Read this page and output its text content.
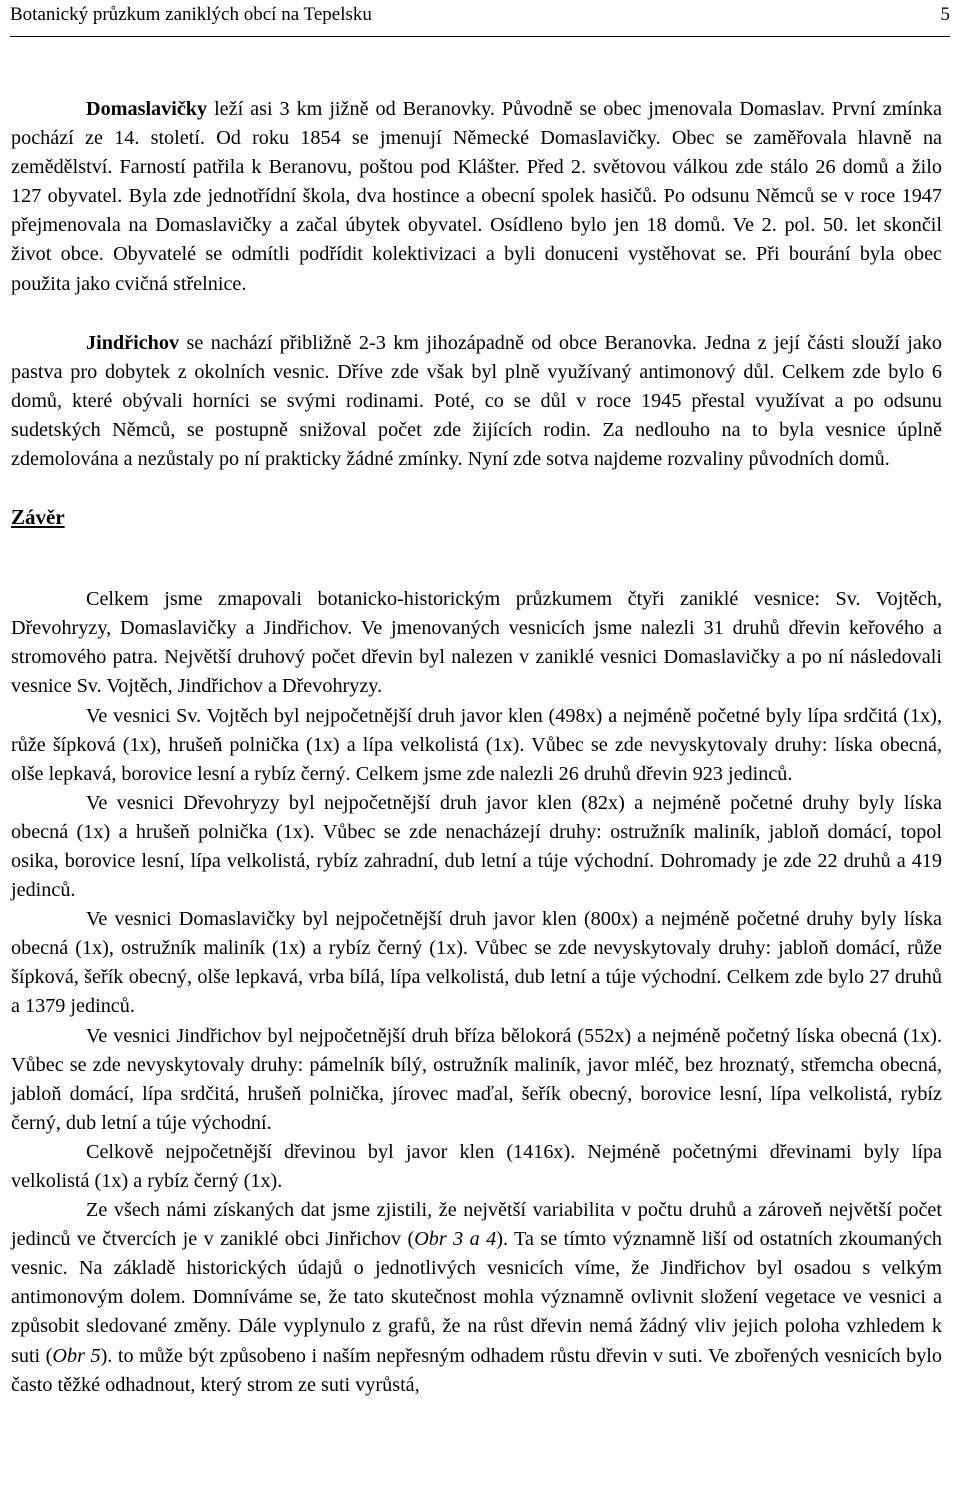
Botanický průzkum zaniklých obcí na Tepelsku	5

Domaslavičky leží asi 3 km jižně od Beranovky. Původně se obec jmenovala Domaslav. První zmínka pochází ze 14. století. Od roku 1854 se jmenují Německé Domaslavičky. Obec se zaměřovala hlavně na zemědělství. Farností patřila k Beranovu, poštou pod Klášter. Před 2. světovou válkou zde stálo 26 domů a žilo 127 obyvatel. Byla zde jednotřídní škola, dva hostince a obecní spolek hasičů. Po odsunu Němců se v roce 1947 přejmenovala na Domaslavičky a začal úbytek obyvatel. Osídleno bylo jen 18 domů. Ve 2. pol. 50. let skončil život obce. Obyvatelé se odmítli podřídit kolektivizaci a byli donuceni vystěhovat se. Při bourání byla obec použita jako cvičná střelnice.

Jindřichov se nachází přibližně 2-3 km jihozápadně od obce Beranovka. Jedna z její části slouží jako pastva pro dobytek z okolních vesnic. Dříve zde však byl plně využívaný antimonový důl. Celkem zde bylo 6 domů, které obývali horníci se svými rodinami. Poté, co se důl v roce 1945 přestal využívat a po odsunu sudetských Němců, se postupně snižoval počet zde žijících rodin. Za nedlouho na to byla vesnice úplně zdemolována a nezůstaly po ní prakticky žádné zmínky. Nyní zde sotva najdeme rozvaliny původních domů.

Závěr

Celkem jsme zmapovali botanicko-historickým průzkumem čtyři zaniklé vesnice: Sv. Vojtěch, Dřevohryzy, Domaslavičky a Jindřichov. Ve jmenovaných vesnicích jsme nalezli 31 druhů dřevin keřového a stromového patra. Největší druhový počet dřevin byl nalezen v zaniklé vesnici Domaslavičky a po ní následovali vesnice Sv. Vojtěch, Jindřichov a Dřevohryzy.

Ve vesnici Sv. Vojtěch byl nejpočetnější druh javor klen (498x) a nejméně početné byly lípa srdčitá (1x), růže šípková (1x), hrušeň polnička (1x) a lípa velkolistá (1x). Vůbec se zde nevyskytovaly druhy: líska obecná, olše lepkavá, borovice lesní a rybíz černý. Celkem jsme zde nalezli 26 druhů dřevin 923 jedinců.

Ve vesnici Dřevohryzy byl nejpočetnější druh javor klen (82x) a nejméně početné druhy byly líska obecná (1x) a hrušeň polnička (1x). Vůbec se zde nenacházejí druhy: ostružník maliník, jabloň domácí, topol osika, borovice lesní, lípa velkolistá, rybíz zahradní, dub letní a túje východní. Dohromady je zde 22 druhů a 419 jedinců.

Ve vesnici Domaslavičky byl nejpočetnější druh javor klen (800x) a nejméně početné druhy byly líska obecná (1x), ostružník maliník (1x) a rybíz černý (1x). Vůbec se zde nevyskytovaly druhy: jabloň domácí, růže šípková, šeřík obecný, olše lepkavá, vrba bílá, lípa velkolistá, dub letní a túje východní. Celkem zde bylo 27 druhů a 1379 jedinců.

Ve vesnici Jindřichov byl nejpočetnější druh bříza bělokorá (552x) a nejméně početný líska obecná (1x). Vůbec se zde nevyskytovaly druhy: pámelník bílý, ostružník maliník, javor mléč, bez hroznatý, střemcha obecná, jabloň domácí, lípa srdčitá, hrušeň polnička, jírovec maďal, šeřík obecný, borovice lesní, lípa velkolistá, rybíz černý, dub letní a túje východní.

Celkově nejpočetnější dřevinou byl javor klen (1416x). Nejméně početnými dřevinami byly lípa velkolistá (1x) a rybíz černý (1x).

Ze všech námi získaných dat jsme zjistili, že největší variabilita v počtu druhů a zároveň největší počet jedinců ve čtvercích je v zaniklé obci Jinřichov (Obr 3 a 4). Ta se tímto významně liší od ostatních zkoumaných vesnic. Na základě historických údajů o jednotlivých vesnicích víme, že Jindřichov byl osadou s velkým antimonovým dolem. Domníváme se, že tato skutečnost mohla významně ovlivnit složení vegetace ve vesnici a způsobit sledované změny. Dále vyplynulo z grafů, že na růst dřevin nemá žádný vliv jejich poloha vzhledem k suti (Obr 5). to může být způsobeno i naším nepřesným odhadem růstu dřevin v suti. Ve zbořených vesnicích bylo často těžké odhadnout, který strom ze suti vyrůstá,
